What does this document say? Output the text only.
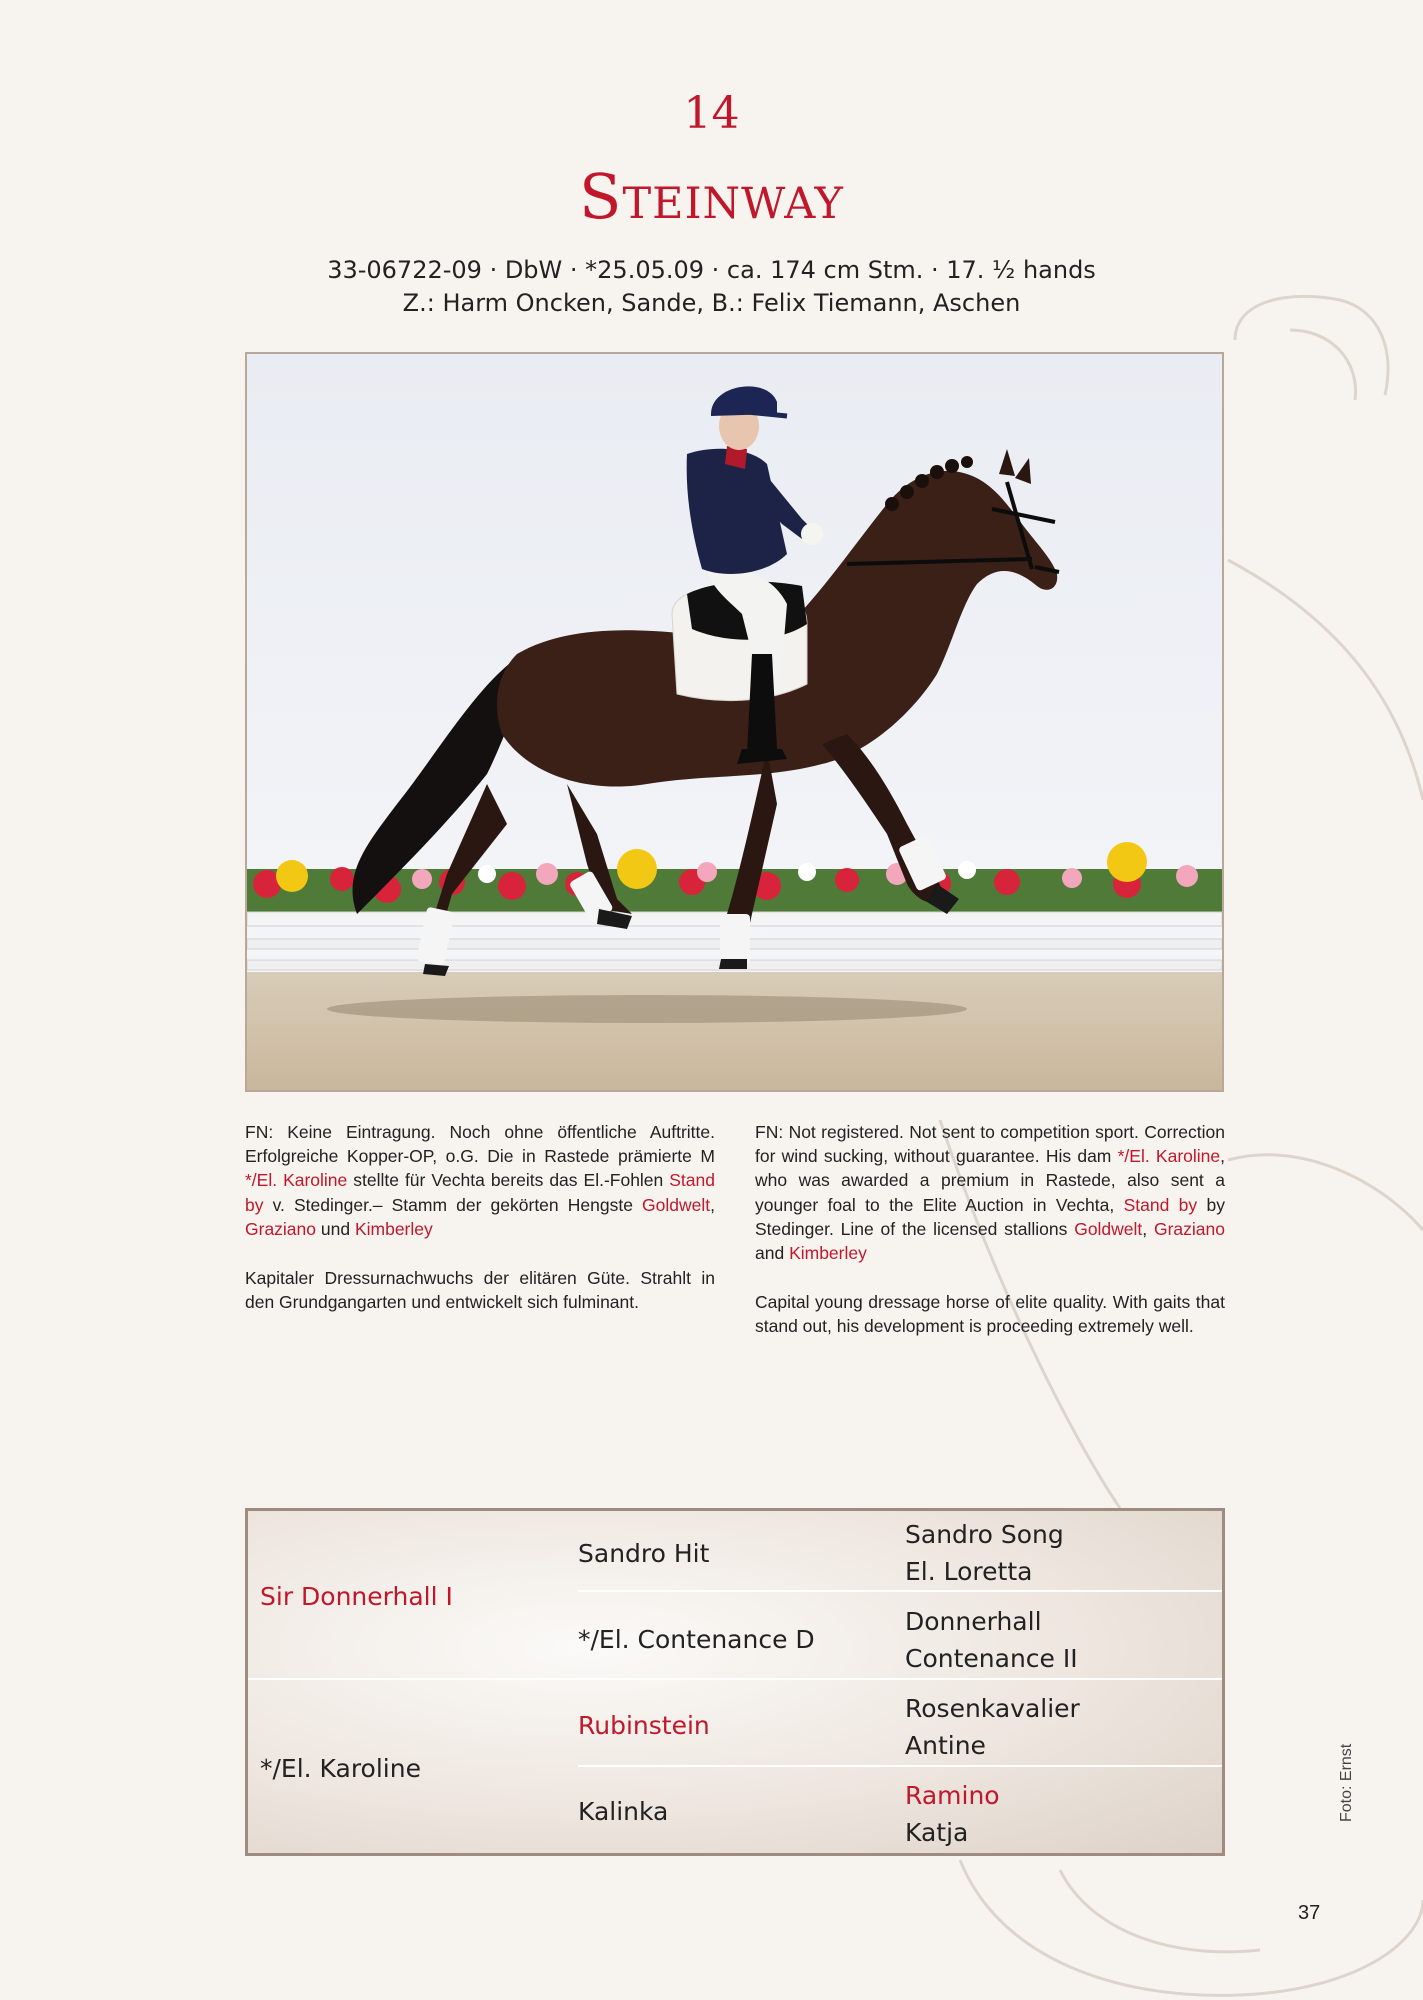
14
Steinway
33-06722-09 · DbW · *25.05.09 · ca. 174 cm Stm. · 17. ½ hands
Z.: Harm Oncken, Sande, B.: Felix Tiemann, Aschen

FN: Keine Eintragung. Noch ohne öffentliche Auftritte. Erfolgreiche Kopper-OP, o.G. Die in Rastede prämierte M */El. Karoline stellte für Vechta bereits das El.-Fohlen Stand by v. Stedinger.– Stamm der gekörten Hengste Goldwelt, Graziano und Kimberley

Kapitaler Dressurnachwuchs der elitären Güte. Strahlt in den Grundgangarten und entwickelt sich fulminant.

FN: Not registered. Not sent to competition sport. Correction for wind sucking, without guarantee. His dam */El. Karoline, who was awarded a premium in Rastede, also sent a younger foal to the Elite Auction in Vechta, Stand by by Stedinger. Line of the licensed stallions Goldwelt, Graziano and Kimberley

Capital young dressage horse of elite quality. With gaits that stand out, his development is proceeding extremely well.

Sir Donnerhall I
*/El. Karoline
Sandro Hit
*/El. Contenance D
Rubinstein
Kalinka
Sandro Song
El. Loretta
Donnerhall
Contenance II
Rosenkavalier
Antine
Ramino
Katja
Foto: Ernst
37
